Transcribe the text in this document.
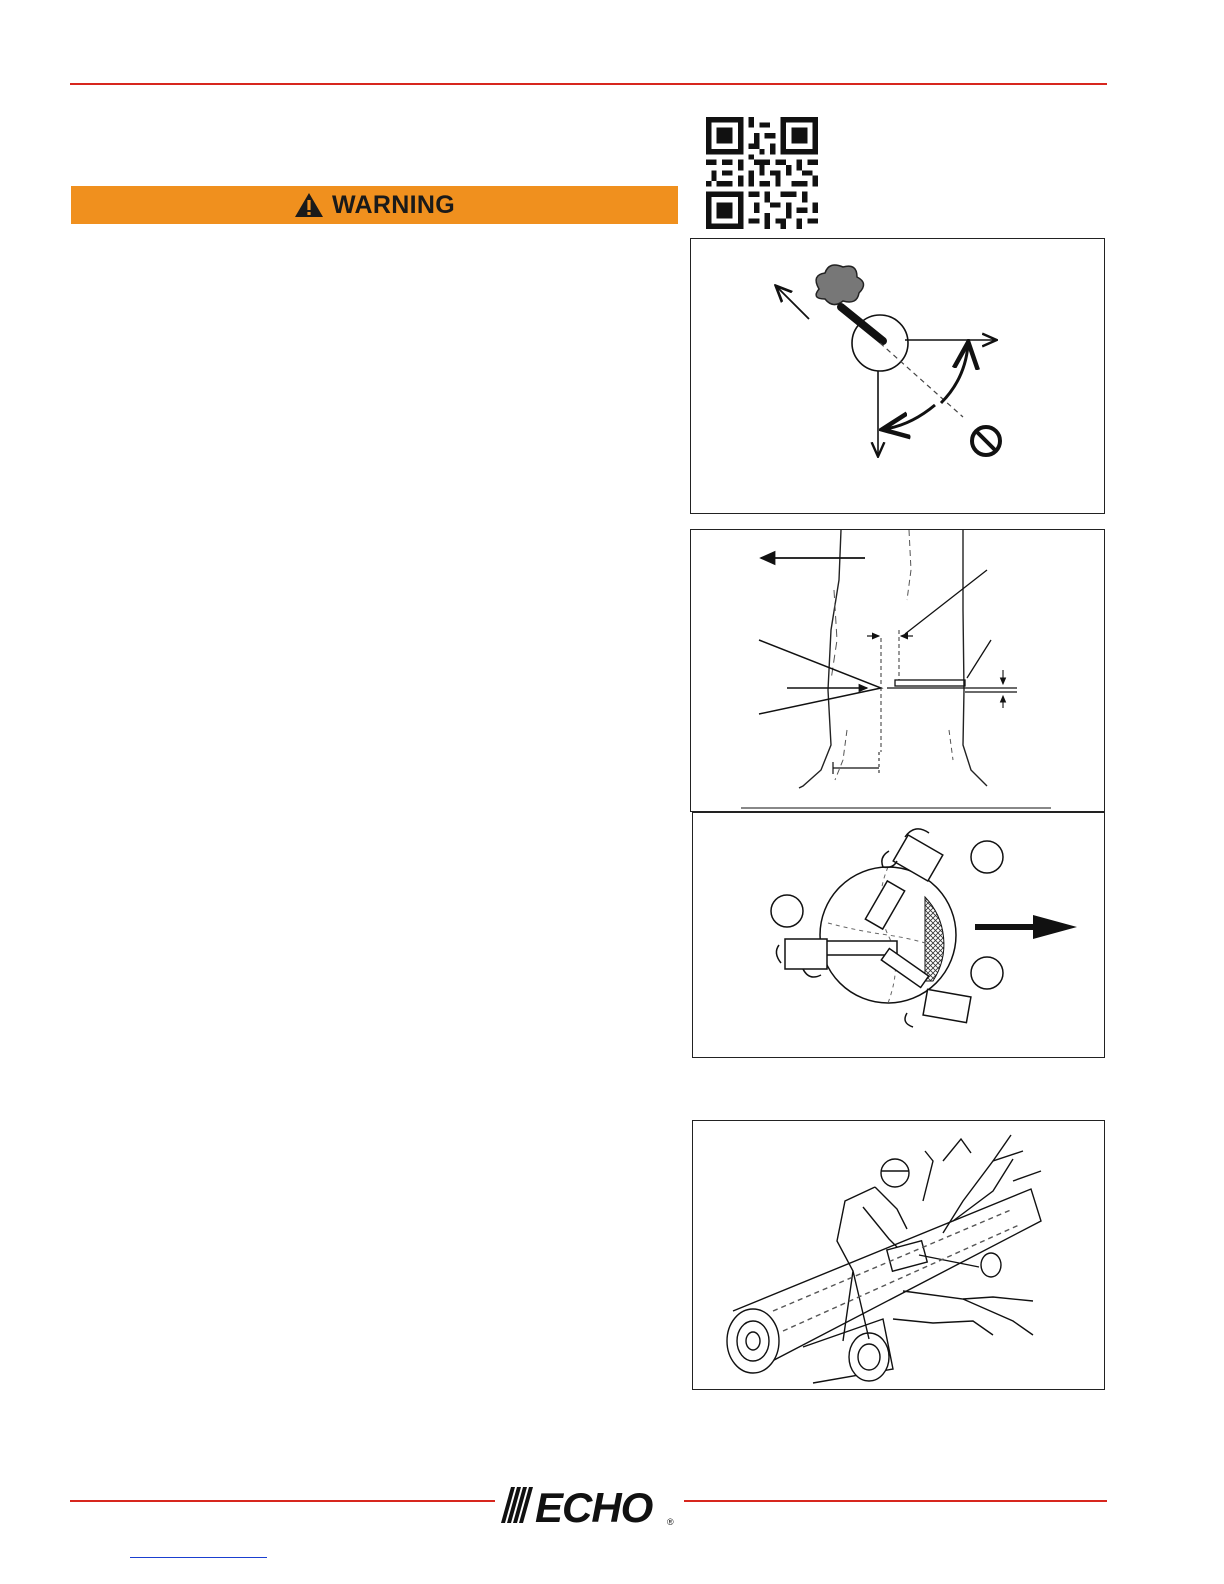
WARNING
ECHO ®
